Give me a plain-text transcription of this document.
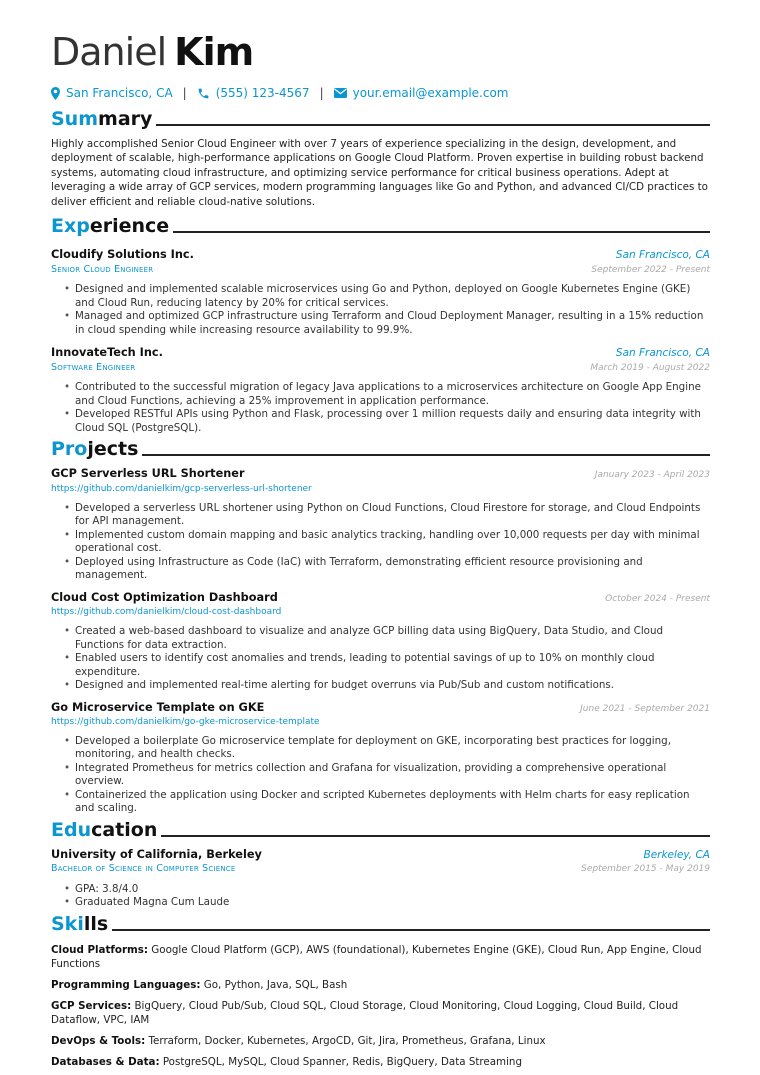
Daniel Kim
San Francisco, CA | (555) 123-4567 | your.email@example.com
Summary

Highly accomplished Senior Cloud Engineer with over 7 years of experience specializing in the design, development, and deployment of scalable, high-performance applications on Google Cloud Platform. Proven expertise in building robust backend systems, automating cloud infrastructure, and optimizing service performance for critical business operations. Adept at leveraging a wide array of GCP services, modern programming languages like Go and Python, and advanced CI/CD practices to deliver efficient and reliable cloud-native solutions.

Experience
Cloudify Solutions Inc.	San Francisco, CA
Senior Cloud Engineer	September 2022 - Present
• Designed and implemented scalable microservices using Go and Python, deployed on Google Kubernetes Engine (GKE) and Cloud Run, reducing latency by 20% for critical services.
• Managed and optimized GCP infrastructure using Terraform and Cloud Deployment Manager, resulting in a 15% reduction in cloud spending while increasing resource availability to 99.9%.
InnovateTech Inc.	San Francisco, CA
Software Engineer	March 2019 - August 2022
• Contributed to the successful migration of legacy Java applications to a microservices architecture on Google App Engine and Cloud Functions, achieving a 25% improvement in application performance.
• Developed RESTful APIs using Python and Flask, processing over 1 million requests daily and ensuring data integrity with Cloud SQL (PostgreSQL).
Projects
GCP Serverless URL Shortener	January 2023 - April 2023
https://github.com/danielkim/gcp-serverless-url-shortener
• Developed a serverless URL shortener using Python on Cloud Functions, Cloud Firestore for storage, and Cloud Endpoints for API management.
• Implemented custom domain mapping and basic analytics tracking, handling over 10,000 requests per day with minimal operational cost.
• Deployed using Infrastructure as Code (IaC) with Terraform, demonstrating efficient resource provisioning and management.
Cloud Cost Optimization Dashboard	October 2024 - Present
https://github.com/danielkim/cloud-cost-dashboard
• Created a web-based dashboard to visualize and analyze GCP billing data using BigQuery, Data Studio, and Cloud Functions for data extraction.
• Enabled users to identify cost anomalies and trends, leading to potential savings of up to 10% on monthly cloud expenditure.
• Designed and implemented real-time alerting for budget overruns via Pub/Sub and custom notifications.
Go Microservice Template on GKE	June 2021 - September 2021
https://github.com/danielkim/go-gke-microservice-template
• Developed a boilerplate Go microservice template for deployment on GKE, incorporating best practices for logging, monitoring, and health checks.
• Integrated Prometheus for metrics collection and Grafana for visualization, providing a comprehensive operational overview.
• Containerized the application using Docker and scripted Kubernetes deployments with Helm charts for easy replication and scaling.
Education
University of California, Berkeley	Berkeley, CA
Bachelor of Science in Computer Science	September 2015 - May 2019
• GPA: 3.8/4.0
• Graduated Magna Cum Laude
Skills

Cloud Platforms: Google Cloud Platform (GCP), AWS (foundational), Kubernetes Engine (GKE), Cloud Run, App Engine, Cloud Functions

Programming Languages: Go, Python, Java, SQL, Bash

GCP Services: BigQuery, Cloud Pub/Sub, Cloud SQL, Cloud Storage, Cloud Monitoring, Cloud Logging, Cloud Build, Cloud Dataflow, VPC, IAM

DevOps & Tools: Terraform, Docker, Kubernetes, ArgoCD, Git, Jira, Prometheus, Grafana, Linux

Databases & Data: PostgreSQL, MySQL, Cloud Spanner, Redis, BigQuery, Data Streaming
